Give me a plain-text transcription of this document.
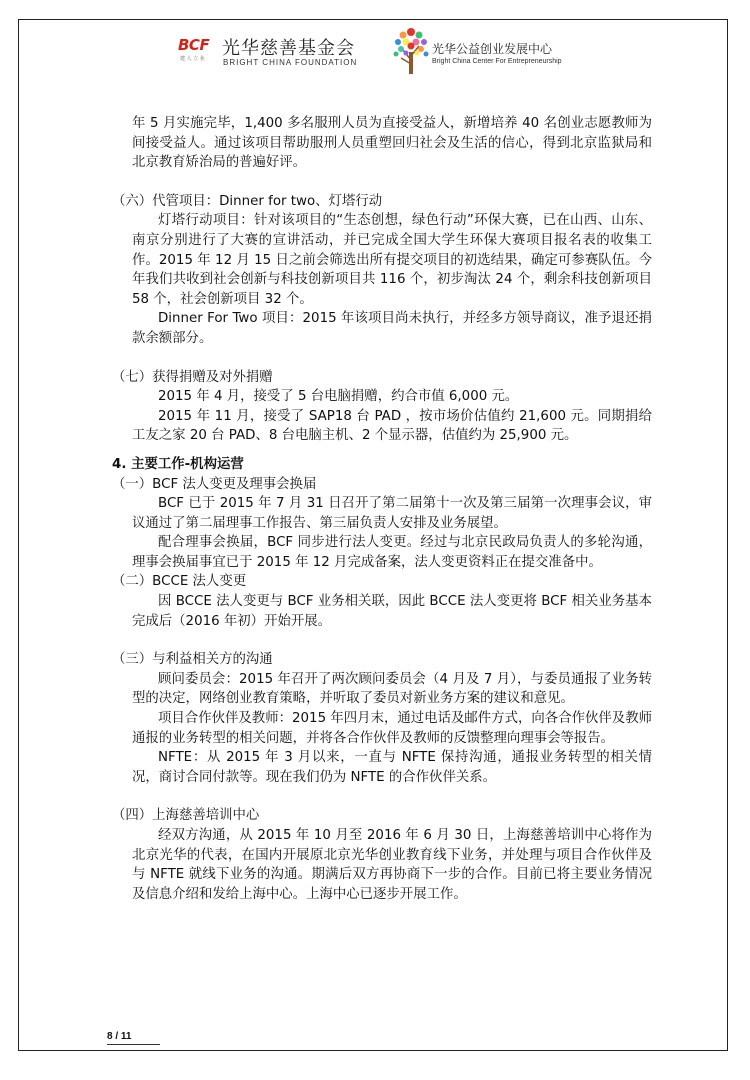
BCF
建 人 立 业 光华慈善基金会
BRIGHT CHINA FOUNDATION
光华公益创业发展中心
Bright China Center For Entrepreneurship

年 5 月实施完毕，1,400 多名服刑人员为直接受益人，新增培养 40 名创业志愿教师为间接受益人。通过该项目帮助服刑人员重塑回归社会及生活的信心，得到北京监狱局和北京教育矫治局的普遍好评。

（六）代管项目：Dinner for two、灯塔行动

灯塔行动项目：针对该项目的“生态创想，绿色行动”环保大赛，已在山西、山东、南京分别进行了大赛的宣讲活动，并已完成全国大学生环保大赛项目报名表的收集工作。2015 年 12 月 15 日之前会筛选出所有提交项目的初选结果，确定可参赛队伍。今年我们共收到社会创新与科技创新项目共 116 个，初步淘汰 24 个，剩余科技创新项目 58 个，社会创新项目 32 个。

Dinner For Two 项目：2015 年该项目尚未执行，并经多方领导商议，准予退还捐款余额部分。

（七）获得捐赠及对外捐赠

2015 年 4 月，接受了 5 台电脑捐赠，约合市值 6,000 元。

2015 年 11 月，接受了 SAP18 台 PAD ，按市场价估值约 21,600 元。同期捐给工友之家 20 台 PAD、8 台电脑主机、2 个显示器，估值约为 25,900 元。

4. 主要工作-机构运营

（一）BCF 法人变更及理事会换届

BCF 已于 2015 年 7 月 31 日召开了第二届第十一次及第三届第一次理事会议，审议通过了第二届理事工作报告、第三届负责人安排及业务展望。

配合理事会换届，BCF 同步进行法人变更。经过与北京民政局负责人的多轮沟通，理事会换届事宜已于 2015 年 12 月完成备案，法人变更资料正在提交准备中。

（二）BCCE 法人变更

因 BCCE 法人变更与 BCF 业务相关联，因此 BCCE 法人变更将 BCF 相关业务基本完成后（2016 年初）开始开展。

（三）与利益相关方的沟通

顾问委员会：2015 年召开了两次顾问委员会（4 月及 7 月），与委员通报了业务转型的决定，网络创业教育策略，并听取了委员对新业务方案的建议和意见。

项目合作伙伴及教师：2015 年四月末，通过电话及邮件方式，向各合作伙伴及教师通报的业务转型的相关问题，并将各合作伙伴及教师的反馈整理向理事会等报告。

NFTE：从 2015 年 3 月以来，一直与 NFTE 保持沟通，通报业务转型的相关情况，商讨合同付款等。现在我们仍为 NFTE 的合作伙伴关系。

（四）上海慈善培训中心

经双方沟通，从 2015 年 10 月至 2016 年 6 月 30 日，上海慈善培训中心将作为北京光华的代表，在国内开展原北京光华创业教育线下业务，并处理与项目合作伙伴及与 NFTE 就线下业务的沟通。期满后双方再协商下一步的合作。目前已将主要业务情况及信息介绍和发给上海中心。上海中心已逐步开展工作。

8 / 11
